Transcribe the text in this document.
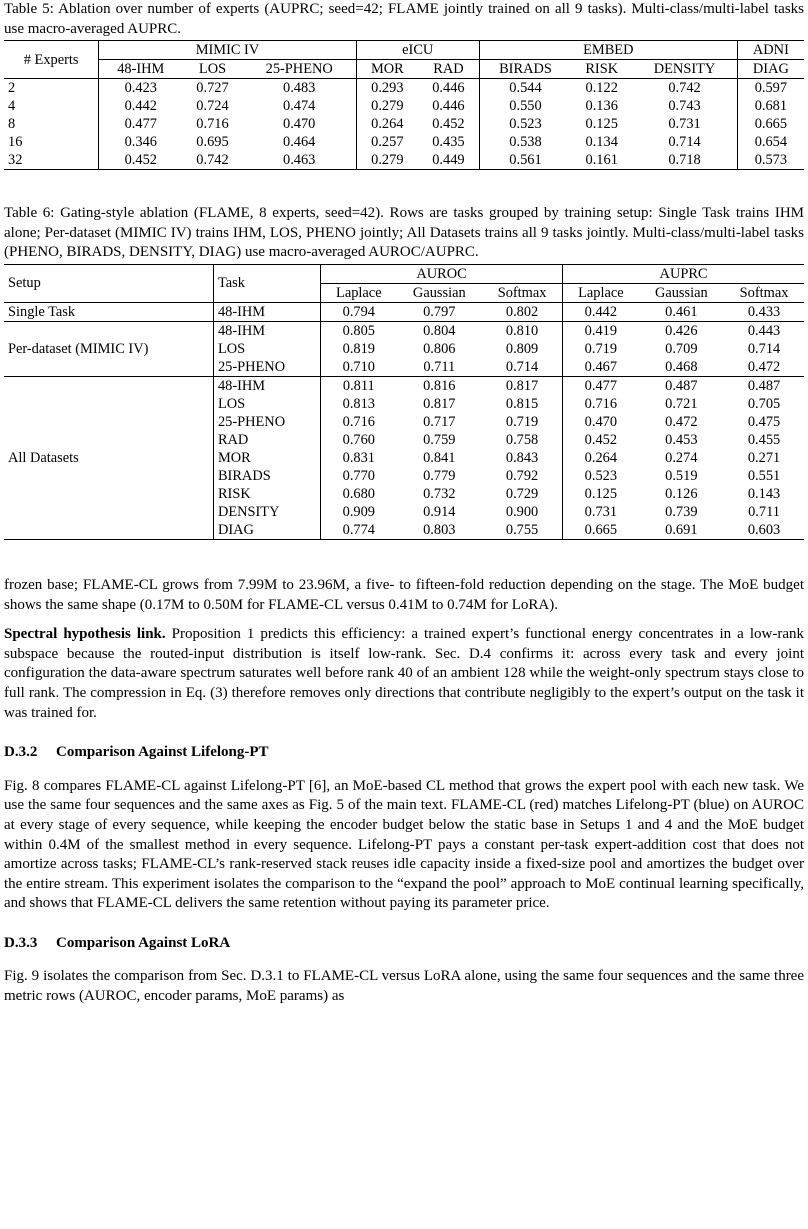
Table 5: Ablation over number of experts (AUPRC; seed=42; FLAME jointly trained on all 9 tasks). Multi-class/multi-label tasks use macro-averaged AUPRC.

# Experts	MIMIC IV			eICU		EMBED			ADNI
	48-IHM	LOS	25-PHENO	MOR	RAD	BIRADS	RISK	DENSITY	DIAG
2	0.423	0.727	0.483	0.293	0.446	0.544	0.122	0.742	0.597
4	0.442	0.724	0.474	0.279	0.446	0.550	0.136	0.743	0.681
8	0.477	0.716	0.470	0.264	0.452	0.523	0.125	0.731	0.665
16	0.346	0.695	0.464	0.257	0.435	0.538	0.134	0.714	0.654
32	0.452	0.742	0.463	0.279	0.449	0.561	0.161	0.718	0.573

Table 6: Gating-style ablation (FLAME, 8 experts, seed=42). Rows are tasks grouped by training setup: Single Task trains IHM alone; Per-dataset (MIMIC IV) trains IHM, LOS, PHENO jointly; All Datasets trains all 9 tasks jointly. Multi-class/multi-label tasks (PHENO, BIRADS, DENSITY, DIAG) use macro-averaged AUROC/AUPRC.

Setup	Task	AUROC			AUPRC		
		Laplace	Gaussian	Softmax	Laplace	Gaussian	Softmax
Single Task	48-IHM	0.794	0.797	0.802	0.442	0.461	0.433
Per-dataset (MIMIC IV)	48-IHM	0.805	0.804	0.810	0.419	0.426	0.443
	LOS	0.819	0.806	0.809	0.719	0.709	0.714
	25-PHENO	0.710	0.711	0.714	0.467	0.468	0.472
All Datasets	48-IHM	0.811	0.816	0.817	0.477	0.487	0.487
	LOS	0.813	0.817	0.815	0.716	0.721	0.705
	25-PHENO	0.716	0.717	0.719	0.470	0.472	0.475
	RAD	0.760	0.759	0.758	0.452	0.453	0.455
	MOR	0.831	0.841	0.843	0.264	0.274	0.271
	BIRADS	0.770	0.779	0.792	0.523	0.519	0.551
	RISK	0.680	0.732	0.729	0.125	0.126	0.143
	DENSITY	0.909	0.914	0.900	0.731	0.739	0.711
	DIAG	0.774	0.803	0.755	0.665	0.691	0.603

frozen base; FLAME-CL grows from 7.99M to 23.96M, a five- to fifteen-fold reduction depending on the stage. The MoE budget shows the same shape (0.17M to 0.50M for FLAME-CL versus 0.41M to 0.74M for LoRA).

Spectral hypothesis link. Proposition 1 predicts this efficiency: a trained expert’s functional energy concentrates in a low-rank subspace because the routed-input distribution is itself low-rank. Sec. D.4 confirms it: across every task and every joint configuration the data-aware spectrum saturates well before rank 40 of an ambient 128 while the weight-only spectrum stays close to full rank. The compression in Eq. (3) therefore removes only directions that contribute negligibly to the expert’s output on the task it was trained for.

D.3.2 Comparison Against Lifelong-PT

Fig. 8 compares FLAME-CL against Lifelong-PT [6], an MoE-based CL method that grows the expert pool with each new task. We use the same four sequences and the same axes as Fig. 5 of the main text. FLAME-CL (red) matches Lifelong-PT (blue) on AUROC at every stage of every sequence, while keeping the encoder budget below the static base in Setups 1 and 4 and the MoE budget within 0.4M of the smallest method in every sequence. Lifelong-PT pays a constant per-task expert-addition cost that does not amortize across tasks; FLAME-CL’s rank-reserved stack reuses idle capacity inside a fixed-size pool and amortizes the budget over the entire stream. This experiment isolates the comparison to the “expand the pool” approach to MoE continual learning specifically, and shows that FLAME-CL delivers the same retention without paying its parameter price.

D.3.3 Comparison Against LoRA

Fig. 9 isolates the comparison from Sec. D.3.1 to FLAME-CL versus LoRA alone, using the same four sequences and the same three metric rows (AUROC, encoder params, MoE params) as
